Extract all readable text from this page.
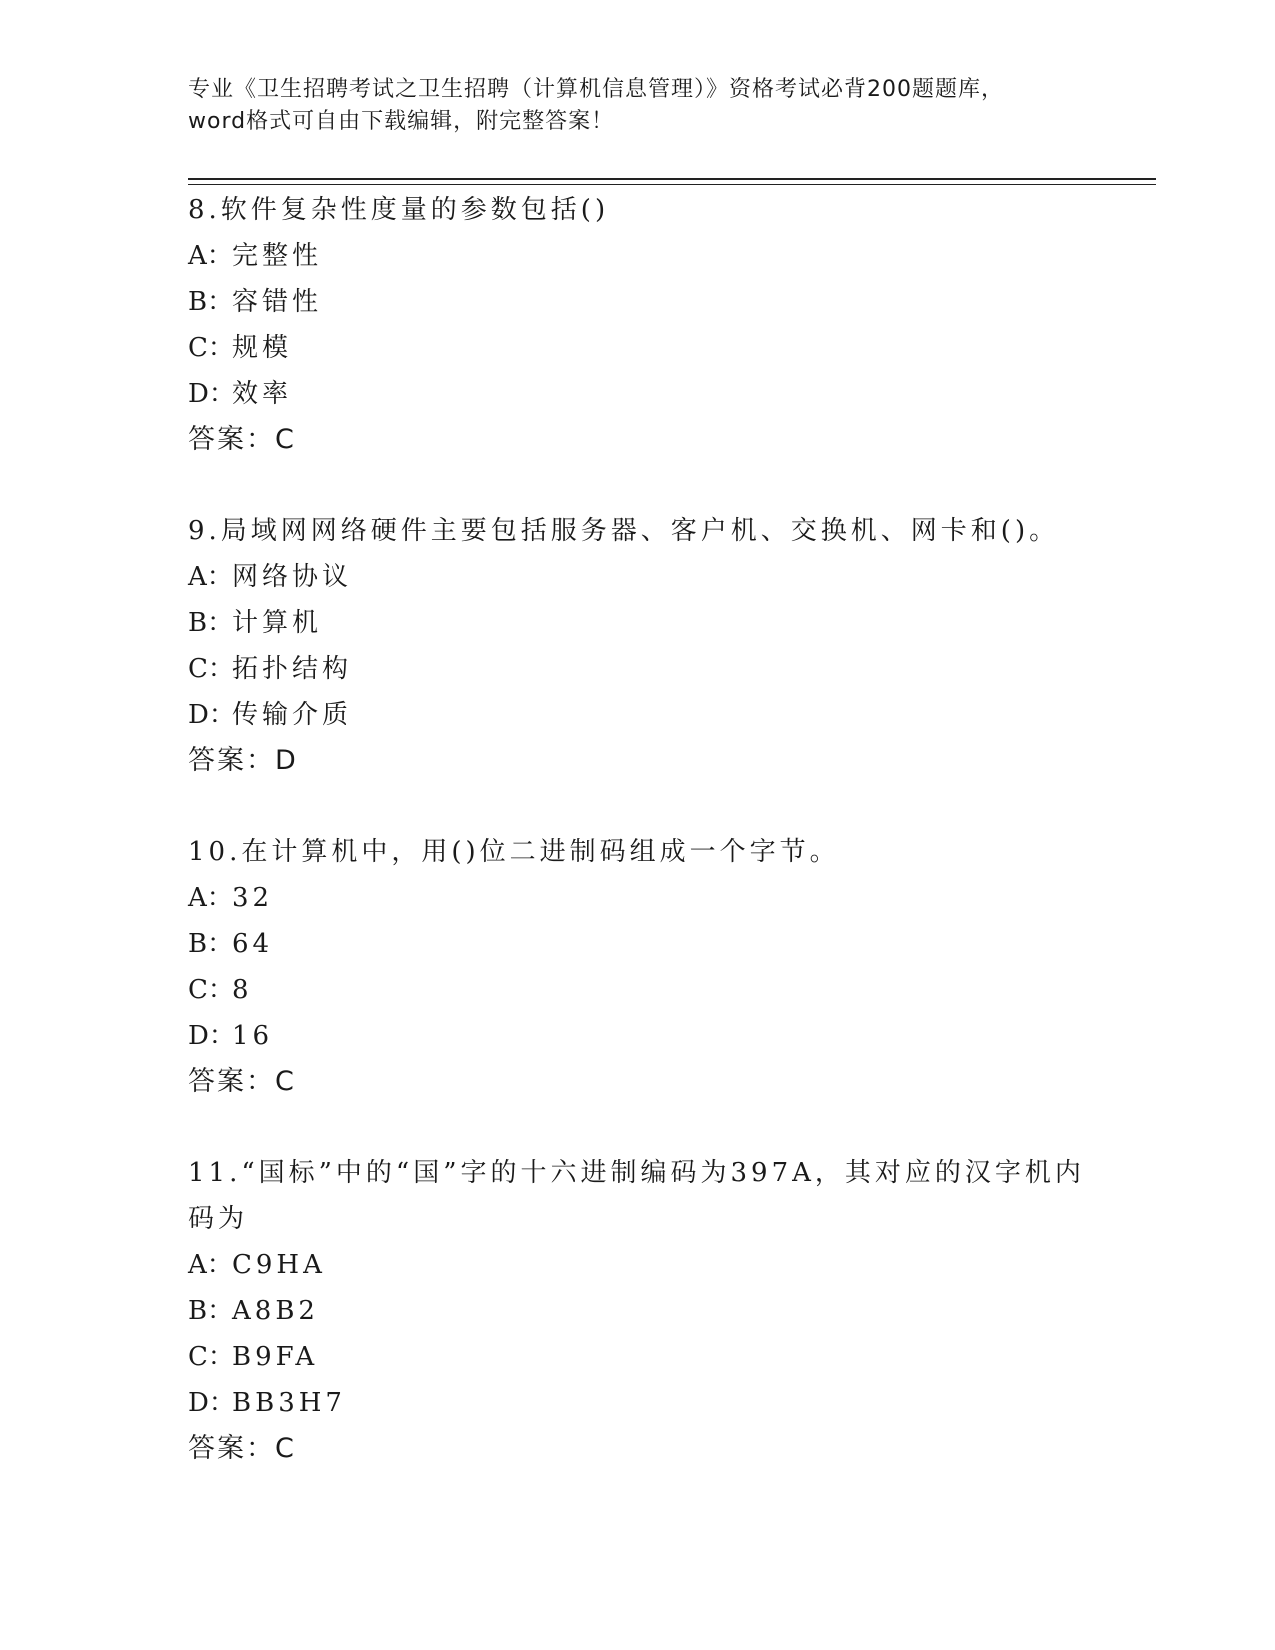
专业《卫生招聘考试之卫生招聘（计算机信息管理）》资格考试必背200题题库，
word格式可自由下载编辑，附完整答案！
8.软件复杂性度量的参数包括()
A：完整性
B：容错性
C：规模
D：效率
答案：C
9.局域网网络硬件主要包括服务器、客户机、交换机、网卡和()。
A：网络协议
B：计算机
C：拓扑结构
D：传输介质
答案：D
10.在计算机中，用()位二进制码组成一个字节。
A：32
B：64
C：8
D：16
答案：C
11.“国标”中的“国”字的十六进制编码为397A，其对应的汉字机内码为
A：C9HA
B：A8B2
C：B9FA
D：BB3H7
答案：C
